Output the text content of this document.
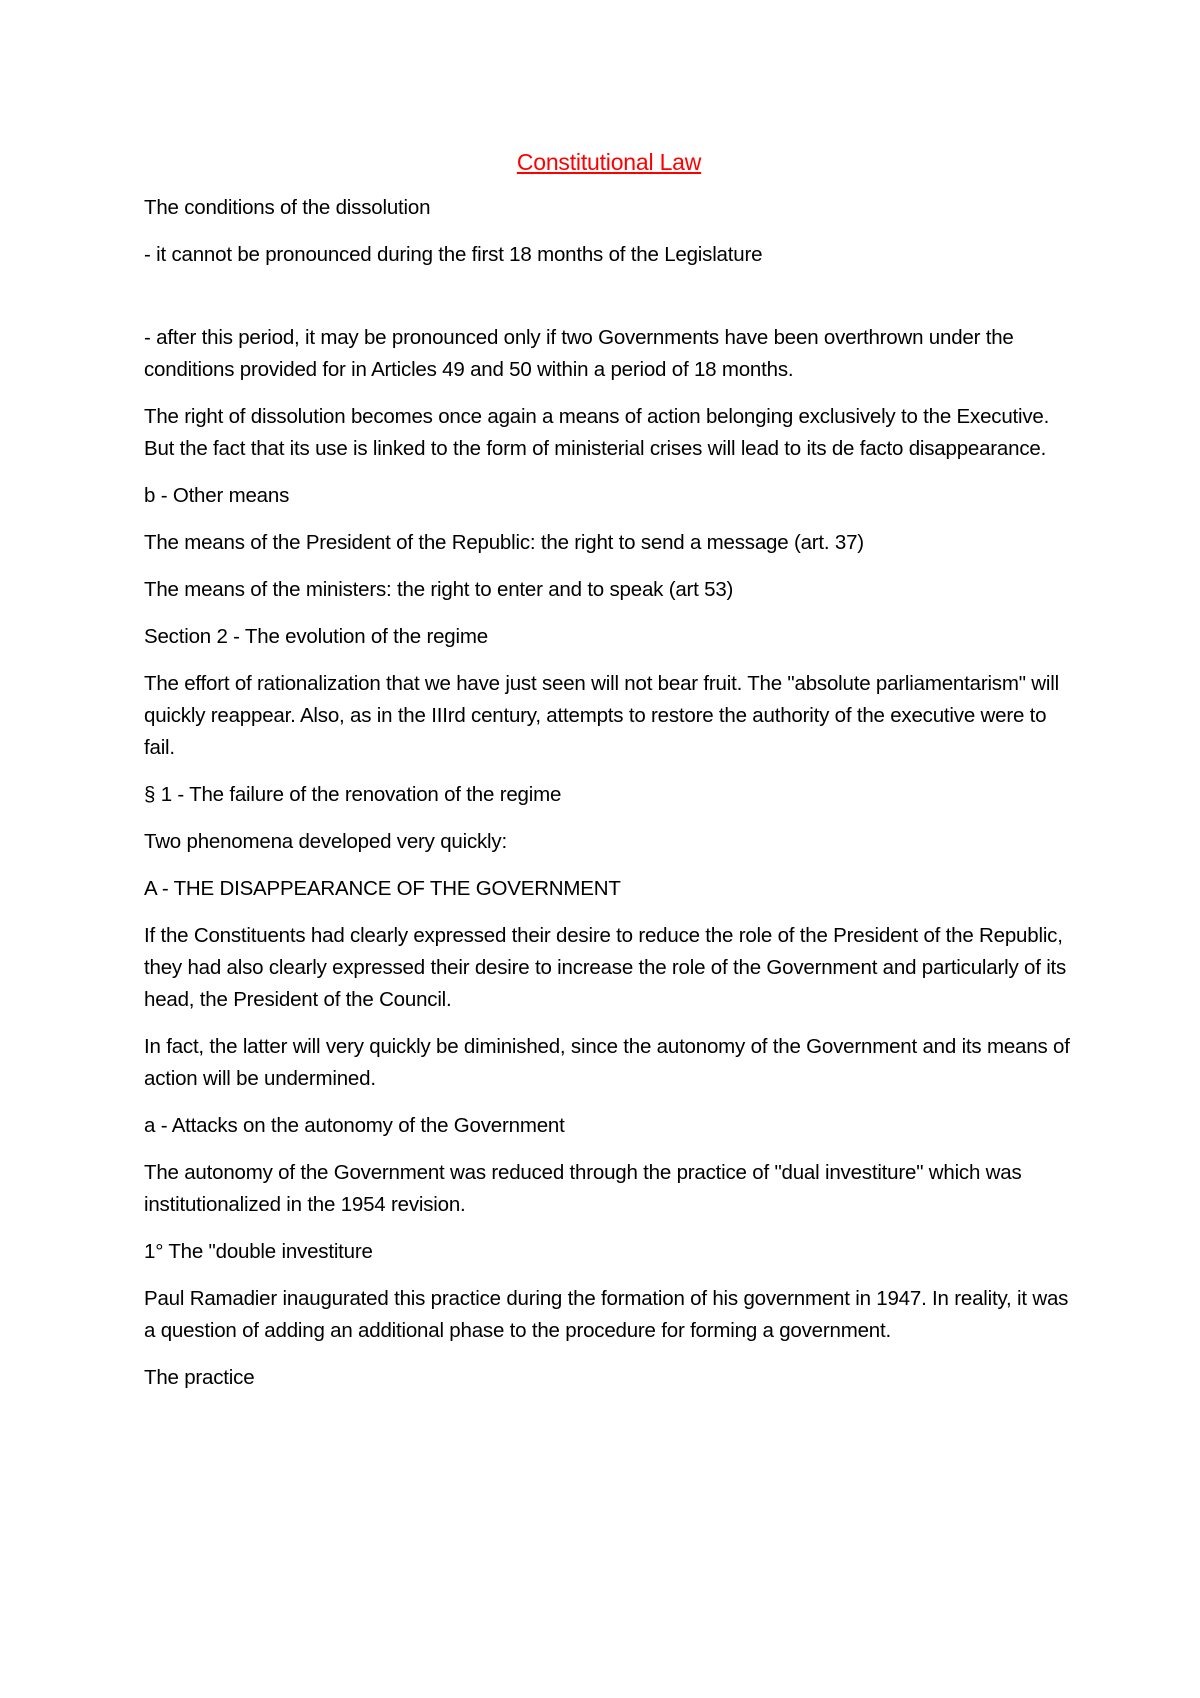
Constitutional Law

The conditions of the dissolution

- it cannot be pronounced during the first 18 months of the Legislature

- after this period, it may be pronounced only if two Governments have been overthrown under the conditions provided for in Articles 49 and 50 within a period of 18 months.

The right of dissolution becomes once again a means of action belonging exclusively to the Executive. But the fact that its use is linked to the form of ministerial crises will lead to its de facto disappearance.

b - Other means

The means of the President of the Republic: the right to send a message (art. 37)

The means of the ministers: the right to enter and to speak (art 53)

Section 2 - The evolution of the regime

The effort of rationalization that we have just seen will not bear fruit. The "absolute parliamentarism" will quickly reappear. Also, as in the IIIrd century, attempts to restore the authority of the executive were to fail.

§ 1 - The failure of the renovation of the regime

Two phenomena developed very quickly:

A - THE DISAPPEARANCE OF THE GOVERNMENT

If the Constituents had clearly expressed their desire to reduce the role of the President of the Republic, they had also clearly expressed their desire to increase the role of the Government and particularly of its head, the President of the Council.

In fact, the latter will very quickly be diminished, since the autonomy of the Government and its means of action will be undermined.

a - Attacks on the autonomy of the Government

The autonomy of the Government was reduced through the practice of "dual investiture" which was institutionalized in the 1954 revision.

1° The "double investiture

Paul Ramadier inaugurated this practice during the formation of his government in 1947. In reality, it was a question of adding an additional phase to the procedure for forming a government.

The practice
